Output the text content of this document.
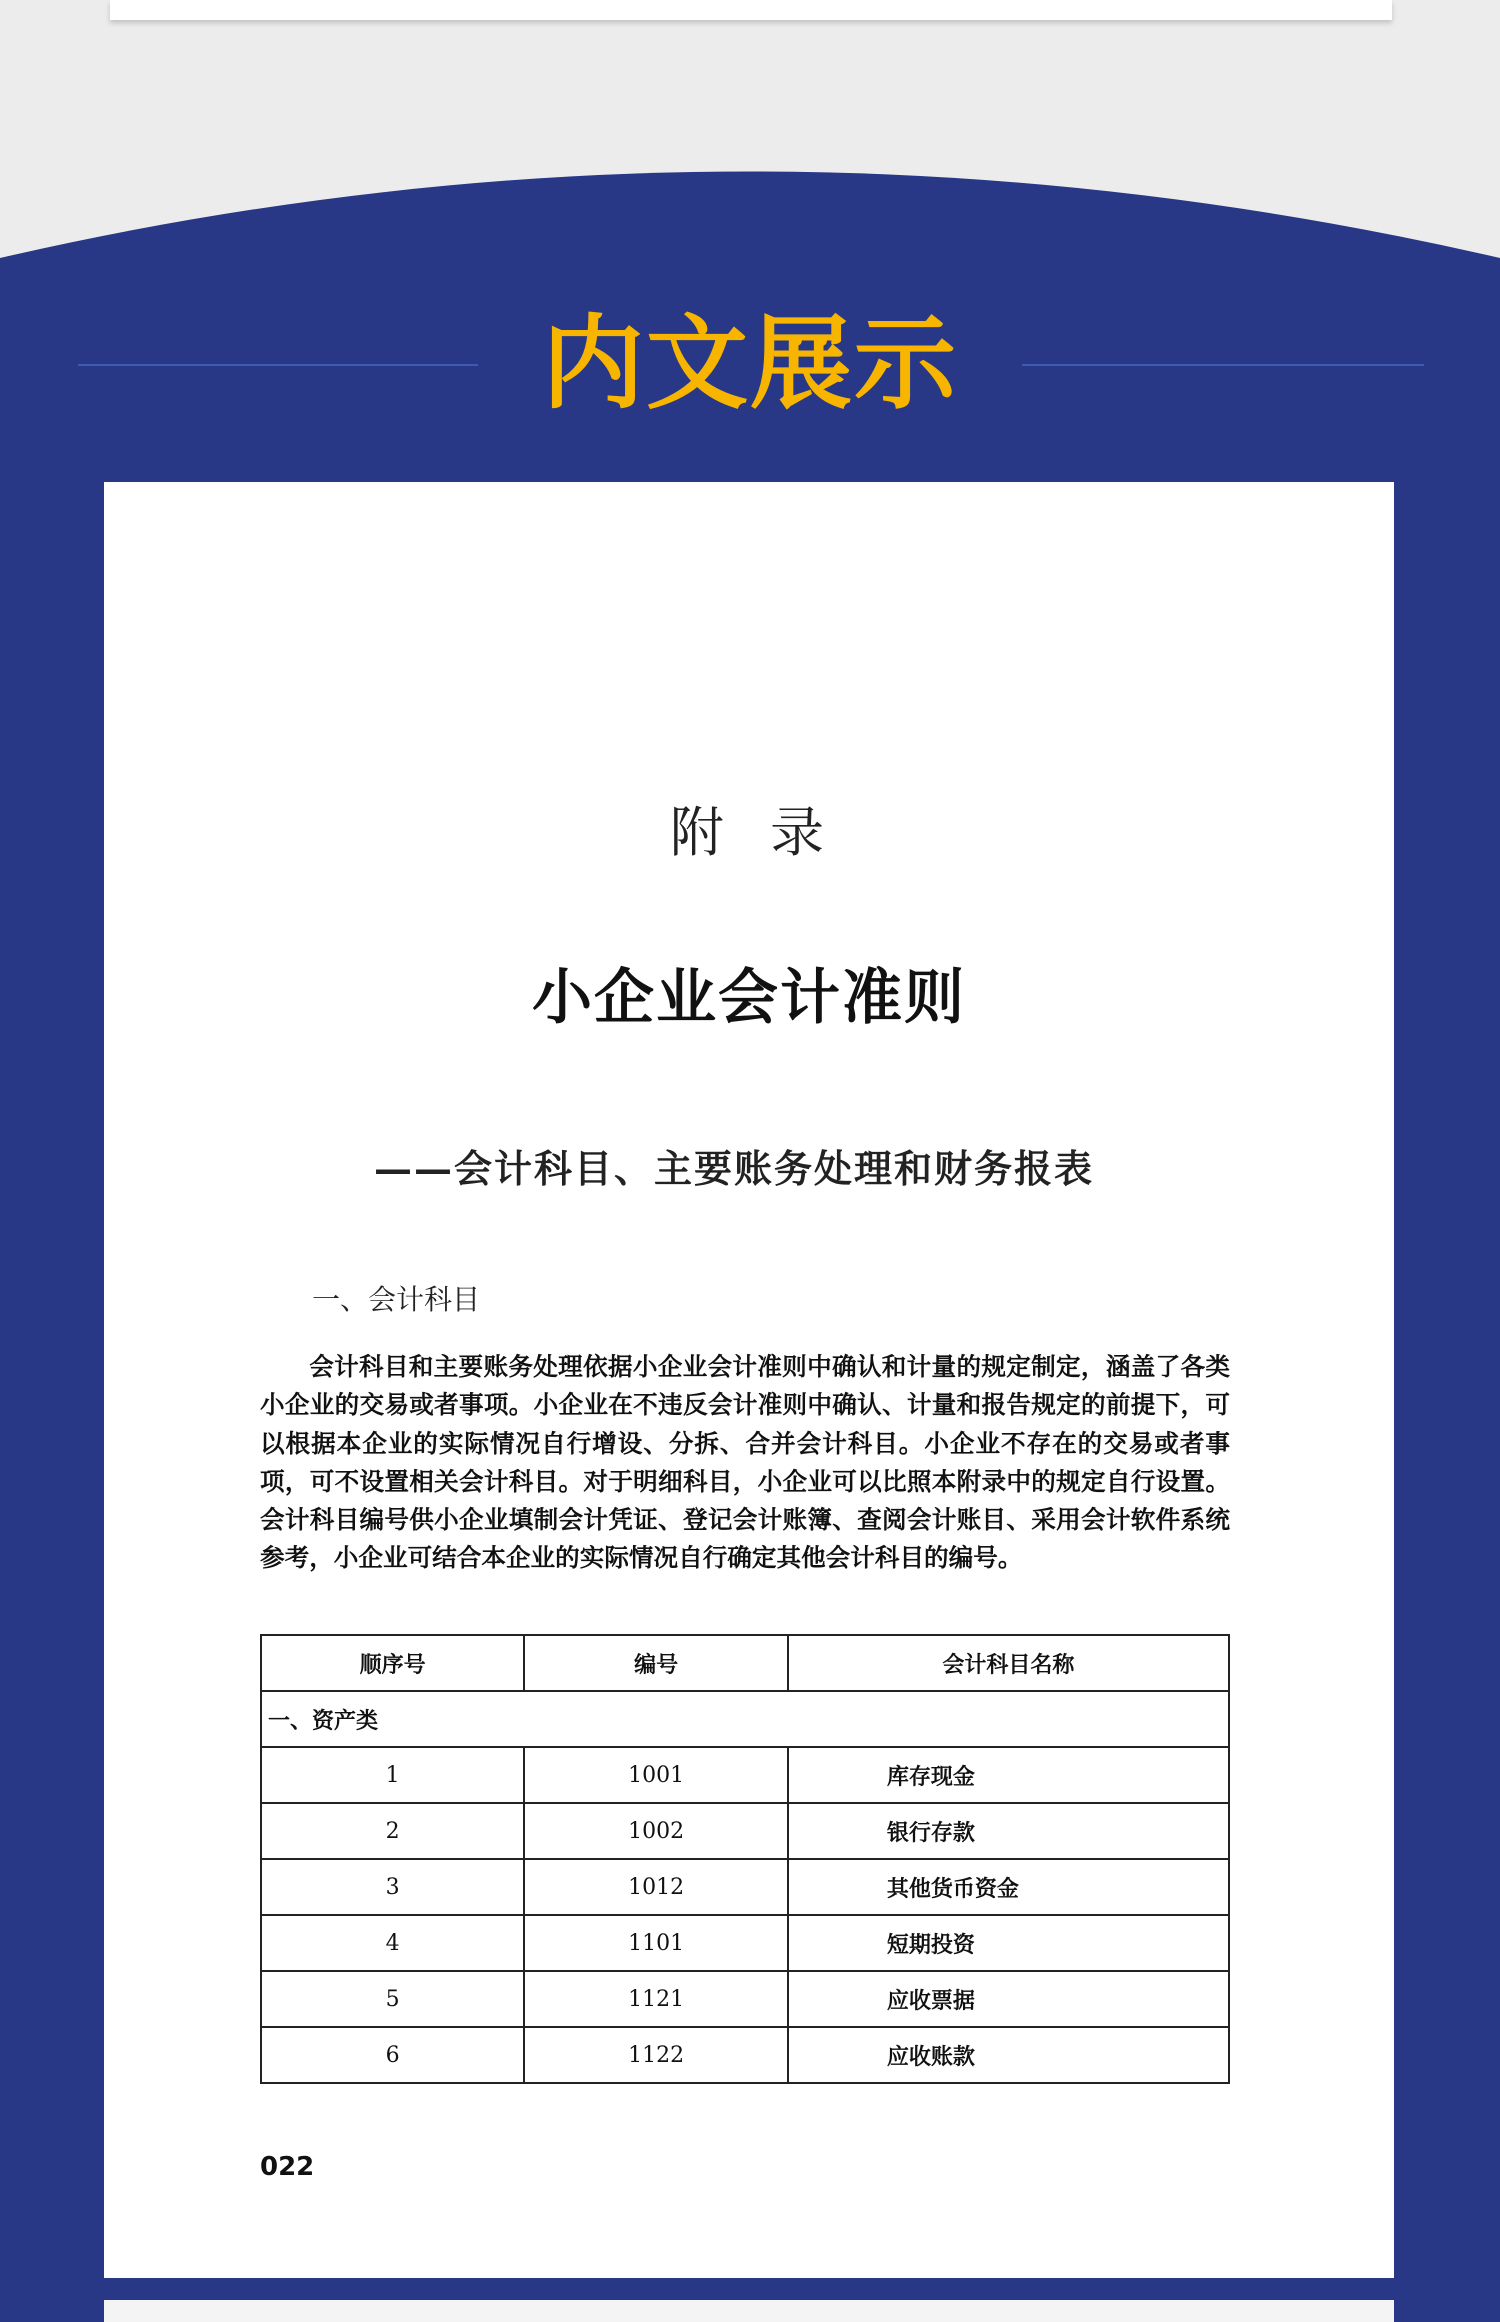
内文展示
附  录
小企业会计准则
——会计科目、主要账务处理和财务报表
一、会计科目

会计科目和主要账务处理依据小企业会计准则中确认和计量的规定制定，涵盖了各类小企业的交易或者事项。小企业在不违反会计准则中确认、计量和报告规定的前提下，可以根据本企业的实际情况自行增设、分拆、合并会计科目。小企业不存在的交易或者事项，可不设置相关会计科目。对于明细科目，小企业可以比照本附录中的规定自行设置。会计科目编号供小企业填制会计凭证、登记会计账簿、查阅会计账目、采用会计软件系统参考，小企业可结合本企业的实际情况自行确定其他会计科目的编号。

顺序号	编号	会计科目名称
一、资产类		
1	1001	库存现金
2	1002	银行存款
3	1012	其他货币资金
4	1101	短期投资
5	1121	应收票据
6	1122	应收账款
022
